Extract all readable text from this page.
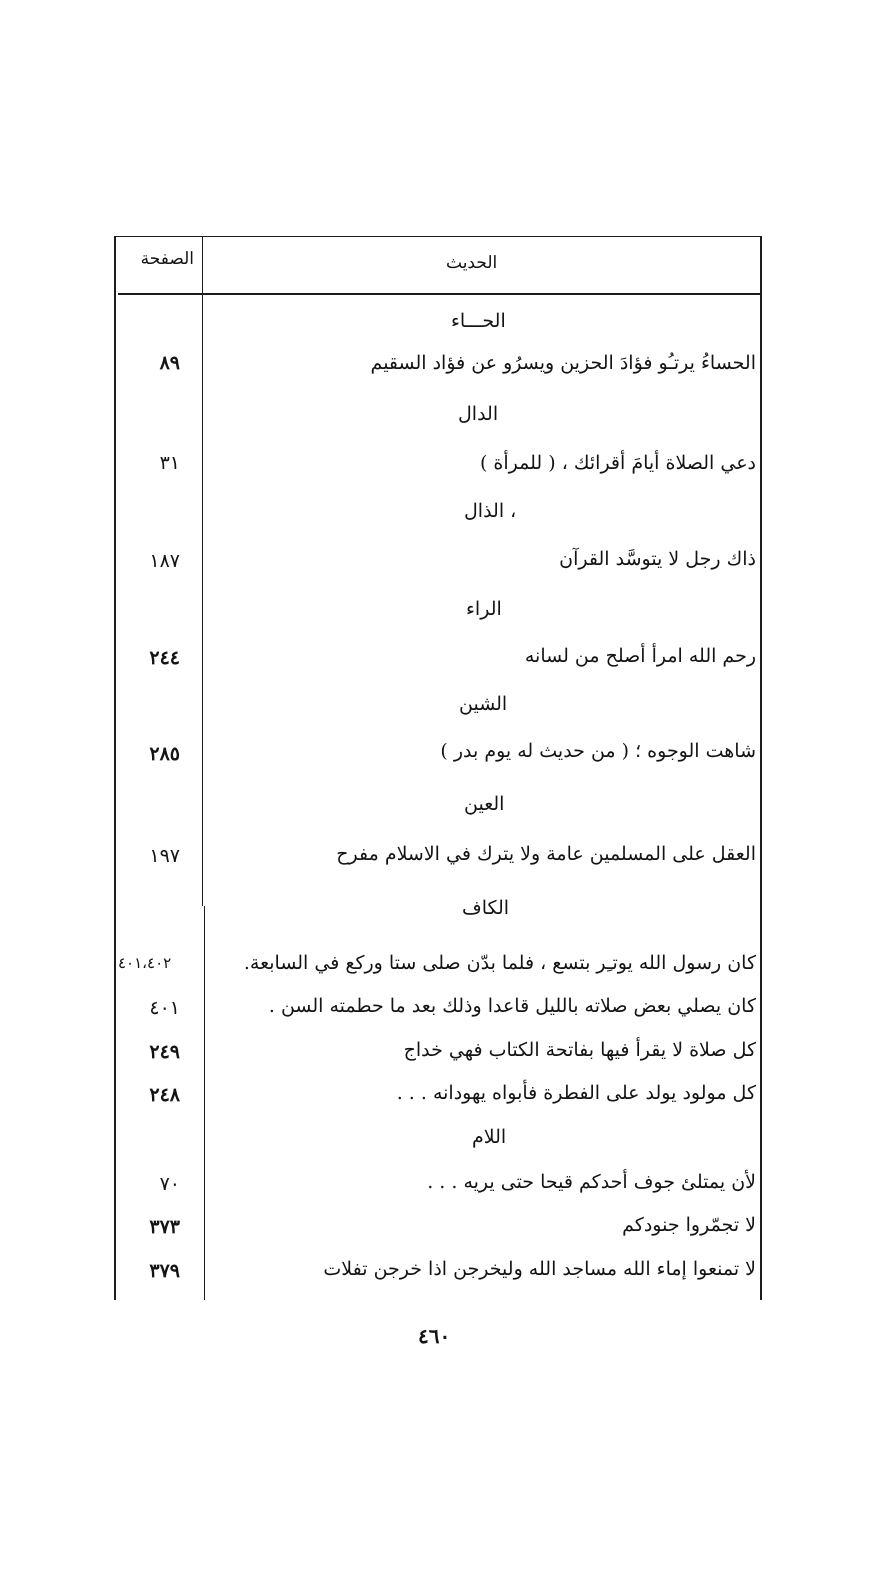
الصفحة	الحديث
الحـــاء
الحساءُ يرتـُو فؤادَ الحزين ويسرُو عن فؤاد السقيم
٨٩
الدال
دعي الصلاة أيامَ أقرائك ، ( للمرأة )
٣١
، الذال
ذاك رجل لا يتوسَّد القرآن
١٨٧
الراء
رحم الله امرأ أصلح من لسانه
٢٤٤
الشين
شاهت الوجوه ؛ ( من حديث له يوم بدر )
٢٨٥
العين
العقل على المسلمين عامة ولا يترك في الاسلام مفرح
١٩٧
الكاف
كان رسول الله يوتـِر بتسع ، فلما بدّن صلى ستا وركع في السابعة.
٤٠١،٤٠٢
كان يصلي بعض صلاته بالليل قاعدا وذلك بعد ما حطمته السن .
٤٠١
كل صلاة لا يقرأ فيها بفاتحة الكتاب فهي خداج
٢٤٩
كل مولود يولد على الفطرة فأبواه يهودانه . . .
٢٤٨
اللام
لأن يمتلئ جوف أحدكم قيحا حتى يريه . . .
٧٠
لا تجمّروا جنودكم
٣٧٣
لا تمنعوا إماء الله مساجد الله وليخرجن اذا خرجن تفلات
٣٧٩
٤٦٠
